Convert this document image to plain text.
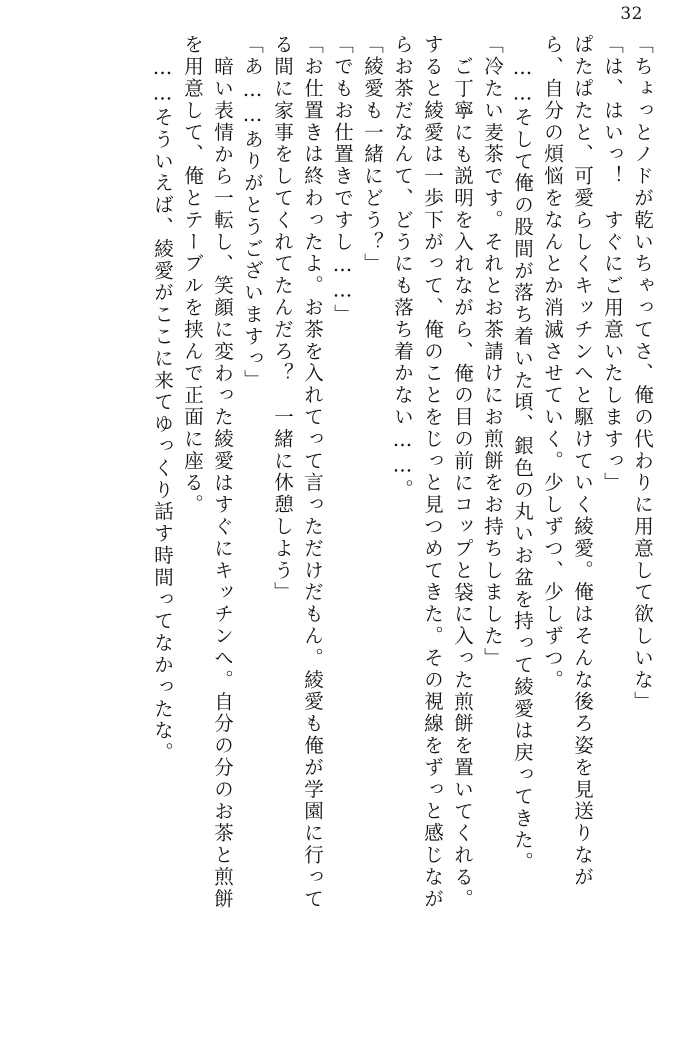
32
「ちょっとノドが乾いちゃってさ、俺の代わりに用意して欲しいな」
「は、はいっ！　すぐにご用意いたしますっ」
ぱたぱたと、可愛らしくキッチンへと駆けていく綾愛。俺はそんな後ろ姿を見送りなが
ら、自分の煩悩をなんとか消滅させていく。少しずつ、少しずつ。
……そして俺の股間が落ち着いた頃、銀色の丸いお盆を持って綾愛は戻ってきた。
「冷たい麦茶です。それとお茶請けにお煎餅をお持ちしました」
ご丁寧にも説明を入れながら、俺の目の前にコップと袋に入った煎餅を置いてくれる。
すると綾愛は一歩下がって、俺のことをじっと見つめてきた。その視線をずっと感じなが
らお茶だなんて、どうにも落ち着かない……。
「綾愛も一緒にどう？」
「でもお仕置きですし……」
「お仕置きは終わったよ。お茶を入れてって言っただけだもん。綾愛も俺が学園に行って
る間に家事をしてくれてたんだろ？　一緒に休憩しよう」
「あ……ありがとうございますっ」
暗い表情から一転し、笑顔に変わった綾愛はすぐにキッチンへ。自分の分のお茶と煎餅
を用意して、俺とテーブルを挟んで正面に座る。
……そういえば、綾愛がここに来てゆっくり話す時間ってなかったな。
